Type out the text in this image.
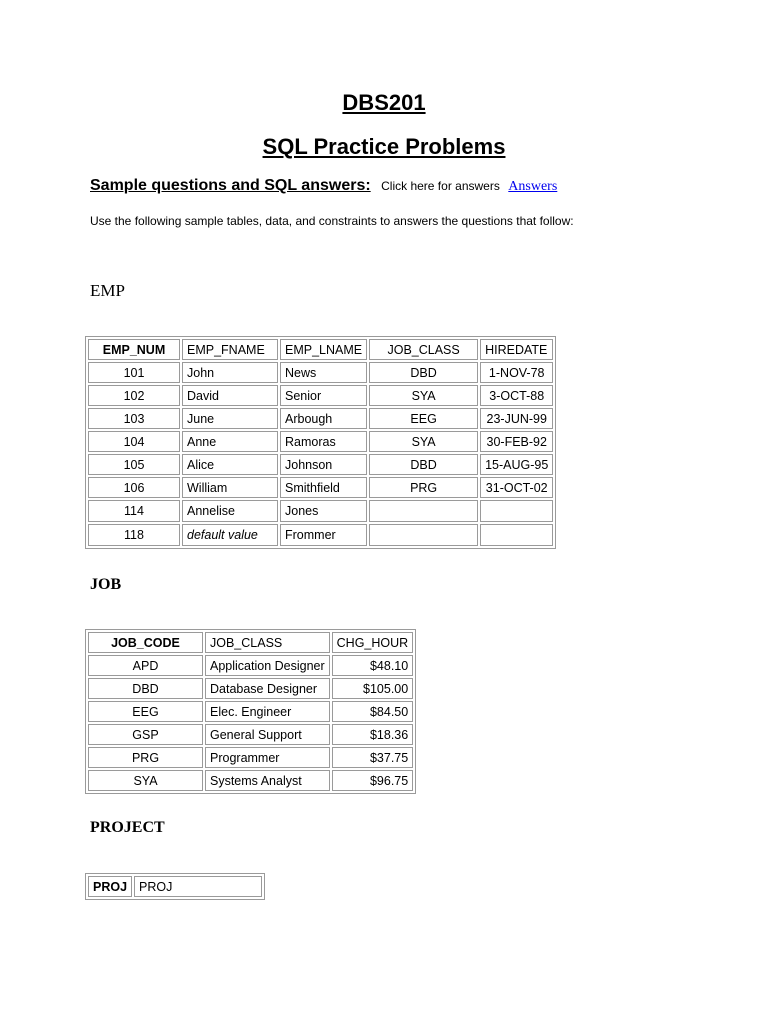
DBS201
SQL Practice Problems
Sample questions and SQL answers: Click here for answers Answers
Use the following sample tables, data, and constraints to answers the questions that follow:
EMP
EMP_NUM	EMP_FNAME	EMP_LNAME	JOB_CLASS	HIREDATE
101	John	News	DBD	1-NOV-78
102	David	Senior	SYA	3-OCT-88
103	June	Arbough	EEG	23-JUN-99
104	Anne	Ramoras	SYA	30-FEB-92
105	Alice	Johnson	DBD	15-AUG-95
106	William	Smithfield	PRG	31-OCT-02
114	Annelise	Jones		
118	default value	Frommer		
JOB
JOB_CODE	JOB_CLASS	CHG_HOUR
APD	Application Designer	$48.10
DBD	Database Designer	$105.00
EEG	Elec. Engineer	$84.50
GSP	General Support	$18.36
PRG	Programmer	$37.75
SYA	Systems Analyst	$96.75
PROJECT
PROJ	PROJ
